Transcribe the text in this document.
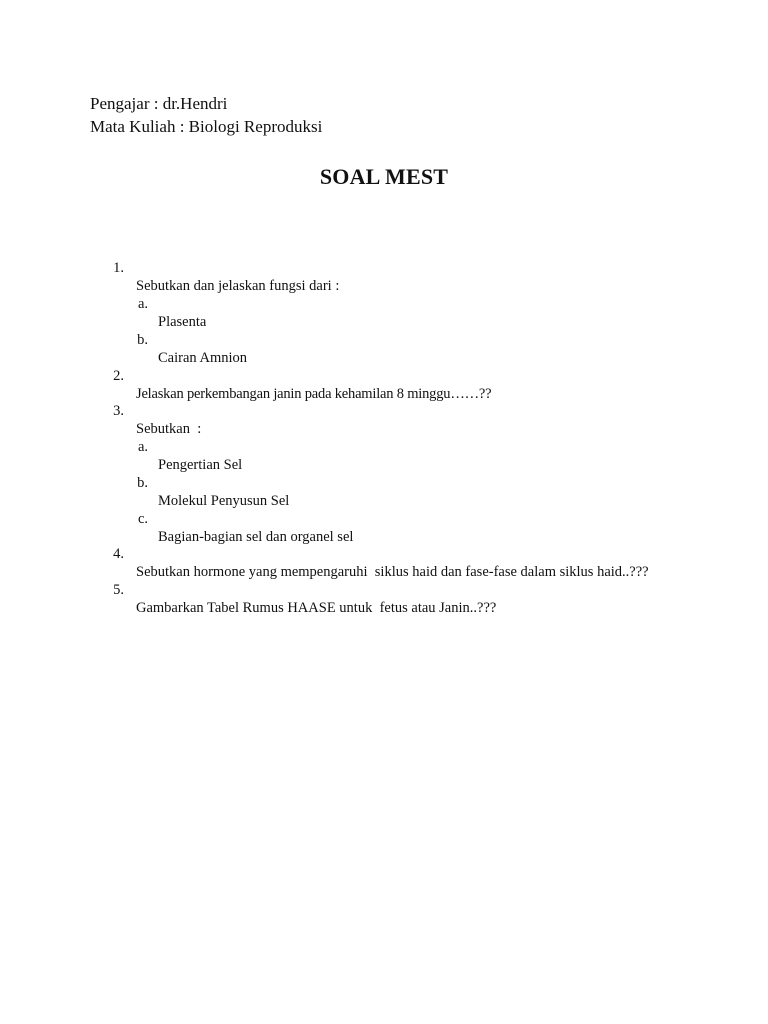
Pengajar : dr.Hendri
Mata Kuliah : Biologi Reproduksi
SOAL MEST

1.

Sebutkan dan jelaskan fungsi dari :

a.

Plasenta

b.

Cairan Amnion

2.

Jelaskan perkembangan janin pada kehamilan 8 minggu……??

3.

Sebutkan  :

a.

Pengertian Sel

b.

Molekul Penyusun Sel

c.

Bagian-bagian sel dan organel sel

4.

Sebutkan hormone yang mempengaruhi  siklus haid dan fase-fase dalam siklus haid..???

5.

Gambarkan Tabel Rumus HAASE untuk  fetus atau Janin..???
